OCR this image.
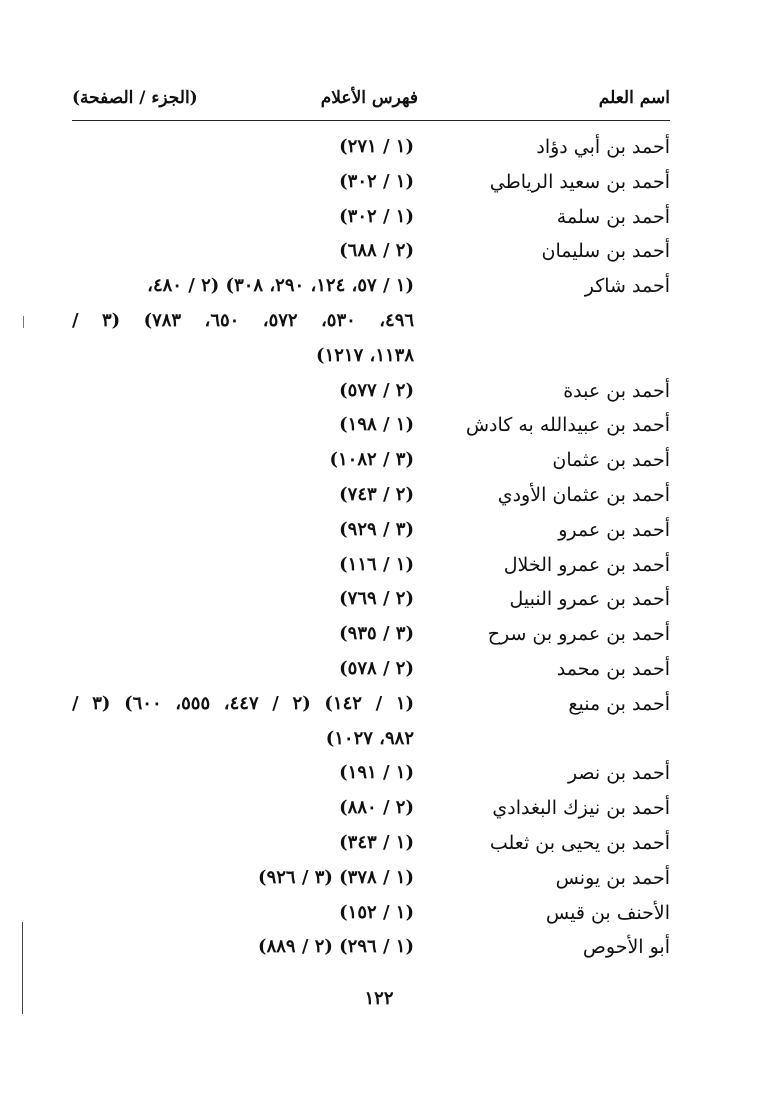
اسم العلم
فهرس الأعلام
(الجزء / الصفحة)
أحمد بن أبي دؤاد
(١ / ٢٧١)
أحمد بن سعيد الرياطي
(١ / ٣٠٢)
أحمد بن سلمة
(١ / ٣٠٢)
أحمد بن سليمان
(٢ / ٦٨٨)
أحمد شاكر
(١ / ٥٧، ١٢٤، ٢٩٠، ٣٠٨) (٢ / ٤٨٠،
٤٩٦، ٥٣٠، ٥٧٢، ٦٥٠، ٧٨٣) (٣ /
١١٣٨، ١٢١٧)
أحمد بن عبدة
(٢ / ٥٧٧)
أحمد بن عبيدالله به كادش
(١ / ١٩٨)
أحمد بن عثمان
(٣ / ١٠٨٢)
أحمد بن عثمان الأودي
(٢ / ٧٤٣)
أحمد بن عمرو
(٣ / ٩٢٩)
أحمد بن عمرو الخلال
(١ / ١١٦)
أحمد بن عمرو النبيل
(٢ / ٧٦٩)
أحمد بن عمرو بن سرح
(٣ / ٩٣٥)
أحمد بن محمد
(٢ / ٥٧٨)
أحمد بن منيع
(١ / ١٤٢) (٢ / ٤٤٧، ٥٥٥، ٦٠٠) (٣ /
٩٨٢، ١٠٢٧)
أحمد بن نصر
(١ / ١٩١)
أحمد بن نيزك البغدادي
(٢ / ٨٨٠)
أحمد بن يحيى بن ثعلب
(١ / ٣٤٣)
أحمد بن يونس
(١ / ٣٧٨) (٣ / ٩٢٦)
الأحنف بن قيس
(١ / ١٥٢)
أبو الأحوص
(١ / ٢٩٦) (٢ / ٨٨٩)
١٢٢
